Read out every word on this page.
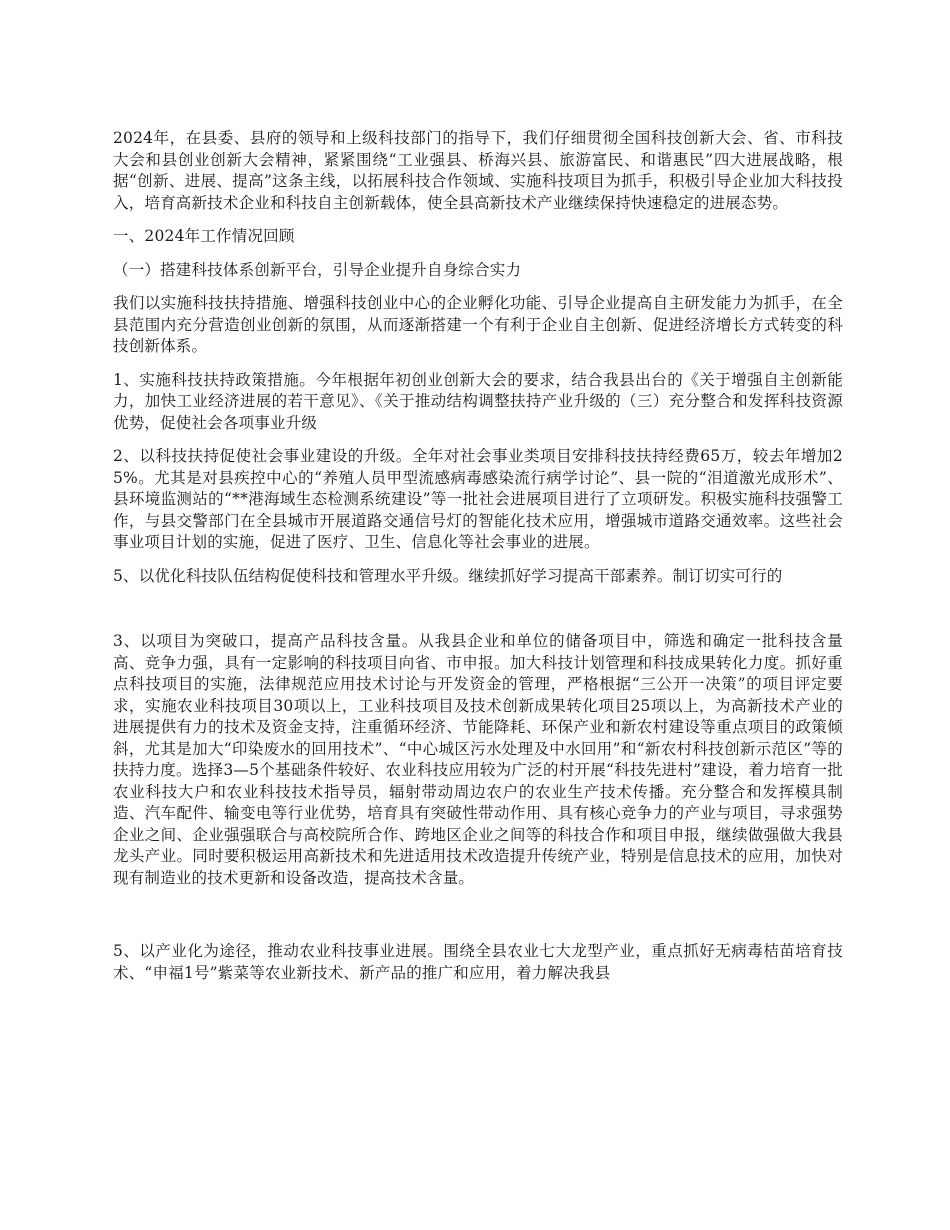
2024年，在县委、县府的领导和上级科技部门的指导下，我们仔细贯彻全国科技创新大会、省、市科技大会和县创业创新大会精神，紧紧围绕“工业强县、桥海兴县、旅游富民、和谐惠民”四大进展战略，根据“创新、进展、提高”这条主线，以拓展科技合作领域、实施科技项目为抓手，积极引导企业加大科技投入，培育高新技术企业和科技自主创新载体，使全县高新技术产业继续保持快速稳定的进展态势。

一、2024年工作情况回顾

（一）搭建科技体系创新平台，引导企业提升自身综合实力

我们以实施科技扶持措施、增强科技创业中心的企业孵化功能、引导企业提高自主研发能力为抓手，在全县范围内充分营造创业创新的氛围，从而逐渐搭建一个有利于企业自主创新、促进经济增长方式转变的科技创新体系。

1、实施科技扶持政策措施。今年根据年初创业创新大会的要求，结合我县出台的《关于增强自主创新能力，加快工业经济进展的若干意见》、《关于推动结构调整扶持产业升级的（三）充分整合和发挥科技资源优势，促使社会各项事业升级

2、以科技扶持促使社会事业建设的升级。全年对社会事业类项目安排科技扶持经费65万，较去年增加25%。尤其是对县疾控中心的“养殖人员甲型流感病毒感染流行病学讨论”、县一院的“泪道激光成形术”、县环境监测站的“**港海域生态检测系统建设”等一批社会进展项目进行了立项研发。积极实施科技强警工作，与县交警部门在全县城市开展道路交通信号灯的智能化技术应用，增强城市道路交通效率。这些社会事业项目计划的实施，促进了医疗、卫生、信息化等社会事业的进展。

5、以优化科技队伍结构促使科技和管理水平升级。继续抓好学习提高干部素养。制订切实可行的

3、以项目为突破口，提高产品科技含量。从我县企业和单位的储备项目中，筛选和确定一批科技含量高、竞争力强，具有一定影响的科技项目向省、市申报。加大科技计划管理和科技成果转化力度。抓好重点科技项目的实施，法律规范应用技术讨论与开发资金的管理，严格根据“三公开一决策”的项目评定要求，实施农业科技项目30项以上，工业科技项目及技术创新成果转化项目25项以上，为高新技术产业的进展提供有力的技术及资金支持，注重循环经济、节能降耗、环保产业和新农村建设等重点项目的政策倾斜，尤其是加大“印染废水的回用技术”、“中心城区污水处理及中水回用”和“新农村科技创新示范区”等的扶持力度。选择3—5个基础条件较好、农业科技应用较为广泛的村开展“科技先进村”建设，着力培育一批农业科技大户和农业科技技术指导员，辐射带动周边农户的农业生产技术传播。充分整合和发挥模具制造、汽车配件、输变电等行业优势，培育具有突破性带动作用、具有核心竞争力的产业与项目，寻求强势企业之间、企业强强联合与高校院所合作、跨地区企业之间等的科技合作和项目申报，继续做强做大我县龙头产业。同时要积极运用高新技术和先进适用技术改造提升传统产业，特别是信息技术的应用，加快对现有制造业的技术更新和设备改造，提高技术含量。

5、以产业化为途径，推动农业科技事业进展。围绕全县农业七大龙型产业，重点抓好无病毒桔苗培育技术、“申福1号”紫菜等农业新技术、新产品的推广和应用，着力解决我县
